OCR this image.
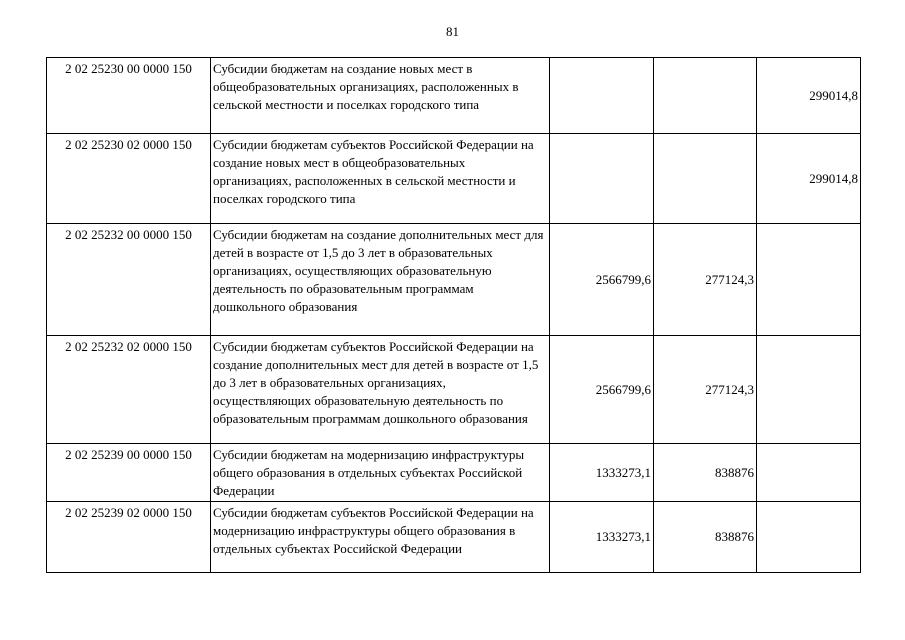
81
2 02 25230 00 0000 150	Субсидии бюджетам на создание новых мест в общеобразовательных организациях, расположенных в сельской местности и поселках городского типа			299014,8
2 02 25230 02 0000 150	Субсидии бюджетам субъектов Российской Федерации на создание новых мест в общеобразовательных организациях, расположенных в сельской местности и поселках городского типа			299014,8
2 02 25232 00 0000 150	Субсидии бюджетам на создание дополнительных мест для детей в возрасте от 1,5 до 3 лет в образовательных организациях, осуществляющих образовательную деятельность по образовательным программам дошкольного образования	2566799,6	277124,3	
2 02 25232 02 0000 150	Субсидии бюджетам субъектов Российской Федерации на создание дополнительных мест для детей в возрасте от 1,5 до 3 лет в образовательных организациях, осуществляющих образовательную деятельность по образовательным программам дошкольного образования	2566799,6	277124,3	
2 02 25239 00 0000 150	Субсидии бюджетам на модернизацию инфраструктуры общего образования в отдельных субъектах Российской Федерации	1333273,1	838876	
2 02 25239 02 0000 150	Субсидии бюджетам субъектов Российской Федерации на модернизацию инфраструктуры общего образования в отдельных субъектах Российской Федерации	1333273,1	838876	
